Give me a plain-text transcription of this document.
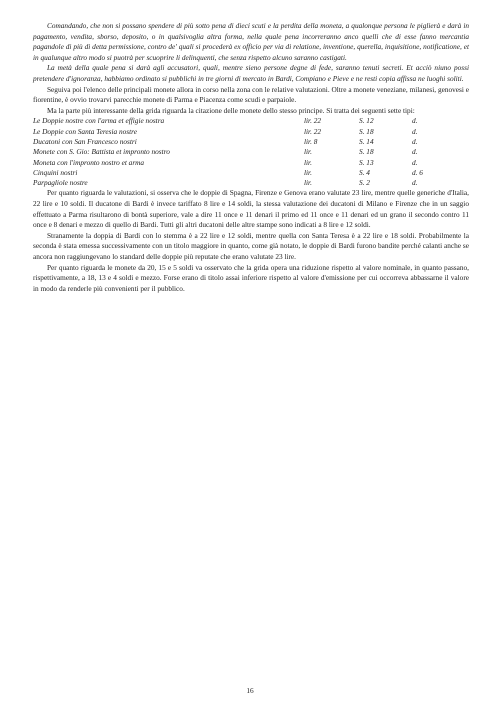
Comandando, che non si possano spendere di più sotto pena di dieci scuti e la perdita della moneta, a qualonque persona le piglierà e darà in pagamento, vendita, sborso, deposito, o in qualsivoglia altra forma, nella quale pena incorreranno anco quelli che di esse fanno mercantia pagandole di più di detta permissione, contro de' quali si procederà ex officio per via di relatione, inventione, querella, inquisitione, notificatione, et in qualunque altro modo si puotrà per scuoprire li delinquenti, che senza rispetto alcuno saranno castigati.

La metà della quale pena si darà agli accusatori, quali, mentre sieno persone degne di fede, saranno tenuti secreti. Et acciò niuno possi pretendere d'ignoranza, habbiamo ordinato si pubblichi in tre giorni di mercato in Bardi, Compiano e Pieve e ne resti copia affissa ne luoghi soliti.

Seguiva poi l'elenco delle principali monete allora in corso nella zona con le relative valutazioni. Oltre a monete veneziane, milanesi, genovesi e fiorentine, è ovvio trovarvi parecchie monete di Parma e Piacenza come scudi e parpaiole.

Ma la parte più interessante della grida riguarda la citazione delle monete dello stesso principe. Si tratta dei seguenti sette tipi:

Le Doppie nostre con l'arma et effigie nostra	lir. 22	S. 12	d.
Le Doppie con Santa Teresia nostre	lir. 22	S. 18	d.
Ducatoni con San Francesco nostri	lir. 8	S. 14	d.
Monete con S. Gio: Battista et impronto nostro	lir.	S. 18	d.
Moneta con l'impronto nostro et arma	lir.	S. 13	d.
Cinquini nostri	lir.	S. 4	d. 6
Parpagliole nostre	lir.	S. 2	d.

Per quanto riguarda le valutazioni, si osserva che le doppie di Spagna, Firenze e Genova erano valutate 23 lire, mentre quelle generiche d'Italia, 22 lire e 10 soldi. Il ducatone di Bardi è invece tariffato 8 lire e 14 soldi, la stessa valutazione dei ducatoni di Milano e Firenze che in un saggio effettuato a Parma risultarono di bontà superiore, vale a dire 11 once e 11 denari il primo ed 11 once e 11 denari ed un grano il secondo contro 11 once e 8 denari e mezzo di quello di Bardi. Tutti gli altri ducatoni delle altre stampe sono indicati a 8 lire e 12 soldi.

Stranamente la doppia di Bardi con lo stemma è a 22 lire e 12 soldi, mentre quella con Santa Teresa è a 22 lire e 18 soldi. Probabilmente la seconda è stata emessa successivamente con un titolo maggiore in quanto, come già notato, le doppie di Bardi furono bandite perché calanti anche se ancora non raggiungevano lo standard delle doppie più reputate che erano valutate 23 lire.

Per quanto riguarda le monete da 20, 15 e 5 soldi va osservato che la grida opera una riduzione rispetto al valore nominale, in quanto passano, rispettivamente, a 18, 13 e 4 soldi e mezzo. Forse erano di titolo assai inferiore rispetto al valore d'emissione per cui occorreva abbassarne il valore in modo da renderle più convenienti per il pubblico.

16
